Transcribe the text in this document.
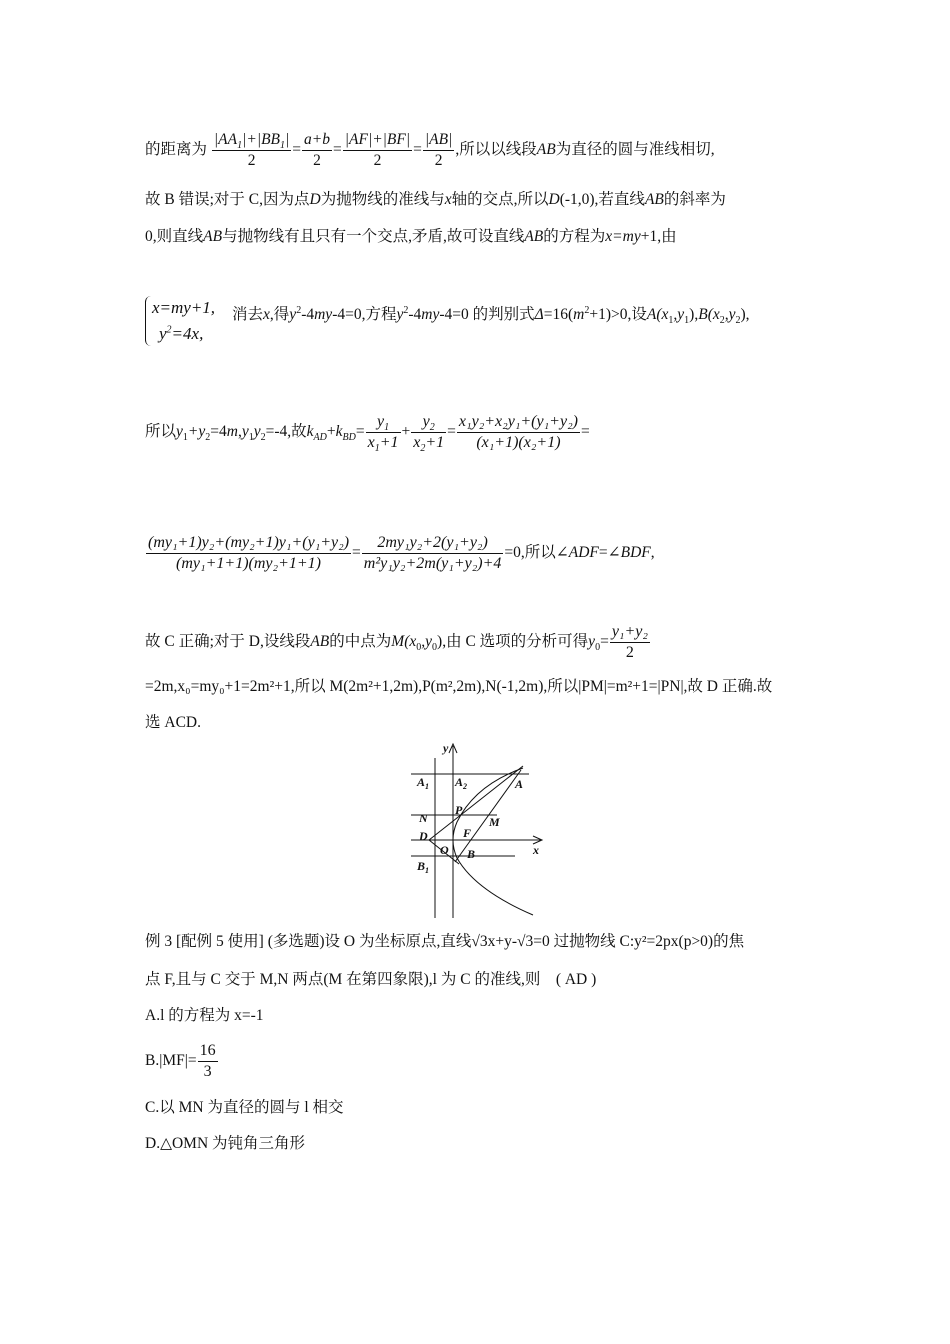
的距离为 $\frac{|AA_1|+|BB_1|}{2} = \frac{a+b}{2} = \frac{|AF|+|BF|}{2} = \frac{|AB|}{2}$ ,所以以线段AB为直径的圆与准线相切,
故 B 错误;对于 C,因为点D为抛物线的准线与x轴的交点,所以D(-1,0),若直线AB的斜率为
0,则直线AB与抛物线有且只有一个交点,矛盾,故可设直线AB的方程为x=my+1,由
x=my+1,
$y^2=4x$,
消去x,得$y^2-4my-4=0$,方程$y^2-4my-4=0$ 的判别式$\Delta=16(m^2+1)>0$,设$A(x_1,y_1),B(x_2,y_2)$,
所以$y_1+y_2=4m,y_1y_2=-4$,故$k_{AD}+k_{BD}= \frac{y_1}{x_1+1} + \frac{y_2}{x_2+1} = \frac{\text{x₁y₂+x₂y₁+(y₁+y₂)}}{\text{(x₁+1)(x₂+1)}}$ =
$\frac{\text{(my₁+1)y₂+(my₂+1)y₁+(y₁+y₂)}}{\text{(my₁+1+1)(my₂+1+1)}} = \frac{\text{2my₁y₂+2(y₁+y₂)}}{\text{m²y₁y₂+2m(y₁+y₂)+4}} =0$,所以∠ADF=∠BDF,
故 C 正确;对于 D,设线段AB的中点为$M(x_0,y_0)$,由 C 选项的分析可得$y_0= \frac{\text{y₁+y₂}}{2}$
=2m,x₀=my₀+1=2m²+1,所以 M(2m²+1,2m),P(m²,2m),N(-1,2m),所以|PM|=m²+1=|PN|,故 D 正确.故
选 ACD.
y
x
$A_1$ $A_2$	A
P
N	M
D	F
O B
$B_1$
例 3 [配例 5 使用] (多选题)设 O 为坐标原点,直线√3x+y-√3=0 过抛物线 C:y²=2px(p>0)的焦
点 F,且与 C 交于 M,N 两点(M 在第四象限),l 为 C 的准线,则　( AD )
A.l 的方程为 x=-1
$B.|MF|= \frac{16}{3}$
C.以 MN 为直径的圆与 l 相交
D.△OMN 为钝角三角形
